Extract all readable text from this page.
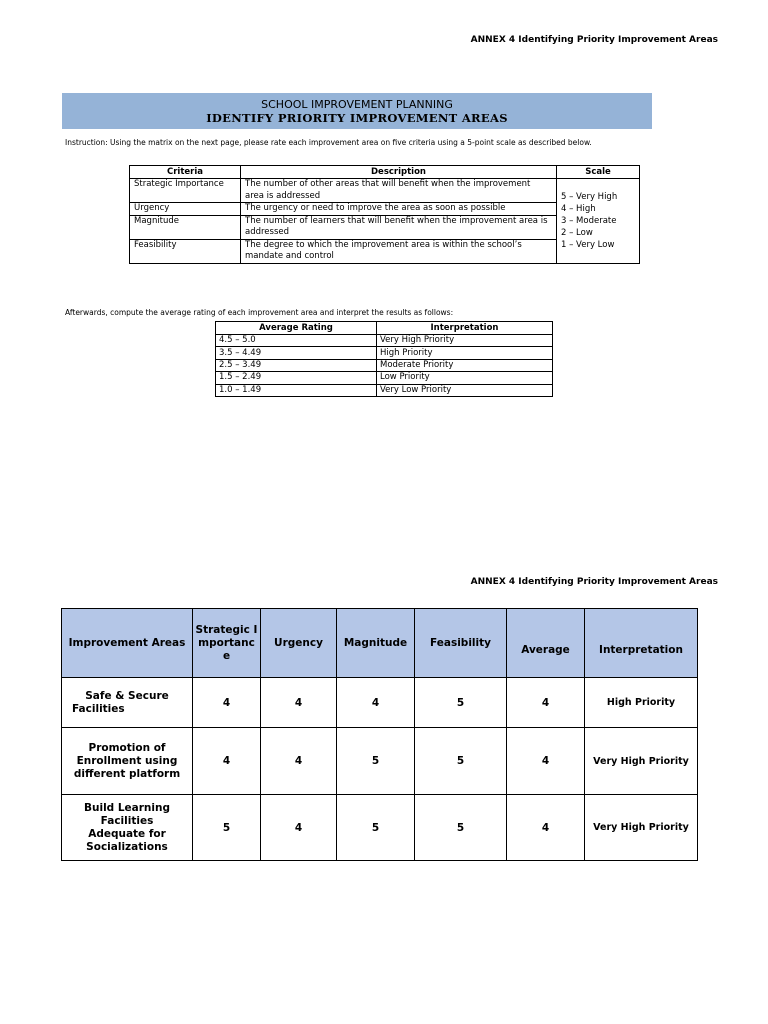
ANNEX 4 Identifying Priority Improvement Areas
SCHOOL IMPROVEMENT PLANNING
IDENTIFY PRIORITY IMPROVEMENT AREAS
Instruction: Using the matrix on the next page, please rate each improvement area on five criteria using a 5-point scale as described below.
Criteria	Description	Scale
Strategic Importance	The number of other areas that will benefit when the improvement area is addressed	5 – Very High
4 – High
3 – Moderate
2 – Low
1 – Very Low

Urgency	The urgency or need to improve the area as soon as possible	
Magnitude	The number of learners that will benefit when the improvement area is addressed	
Feasibility	The degree to which the improvement area is within the school’s mandate and control	
Afterwards, compute the average rating of each improvement area and interpret the results as follows:
Average Rating	Interpretation
4.5 – 5.0	Very High Priority
3.5 – 4.49	High Priority
2.5 – 3.49	Moderate Priority
1.5 – 2.49	Low Priority
1.0 – 1.49	Very Low Priority
ANNEX 4 Identifying Priority Improvement Areas
Improvement Areas	Strategic Importance	Urgency	Magnitude	Feasibility	Average	Interpretation
Safe & Secure Facilities	4	4	4	5	4	High Priority
Promotion of Enrollment using different platform	4	4	5	5	4	Very High Priority
Build Learning Facilities Adequate for Socializations	5	4	5	5	4	Very High Priority
